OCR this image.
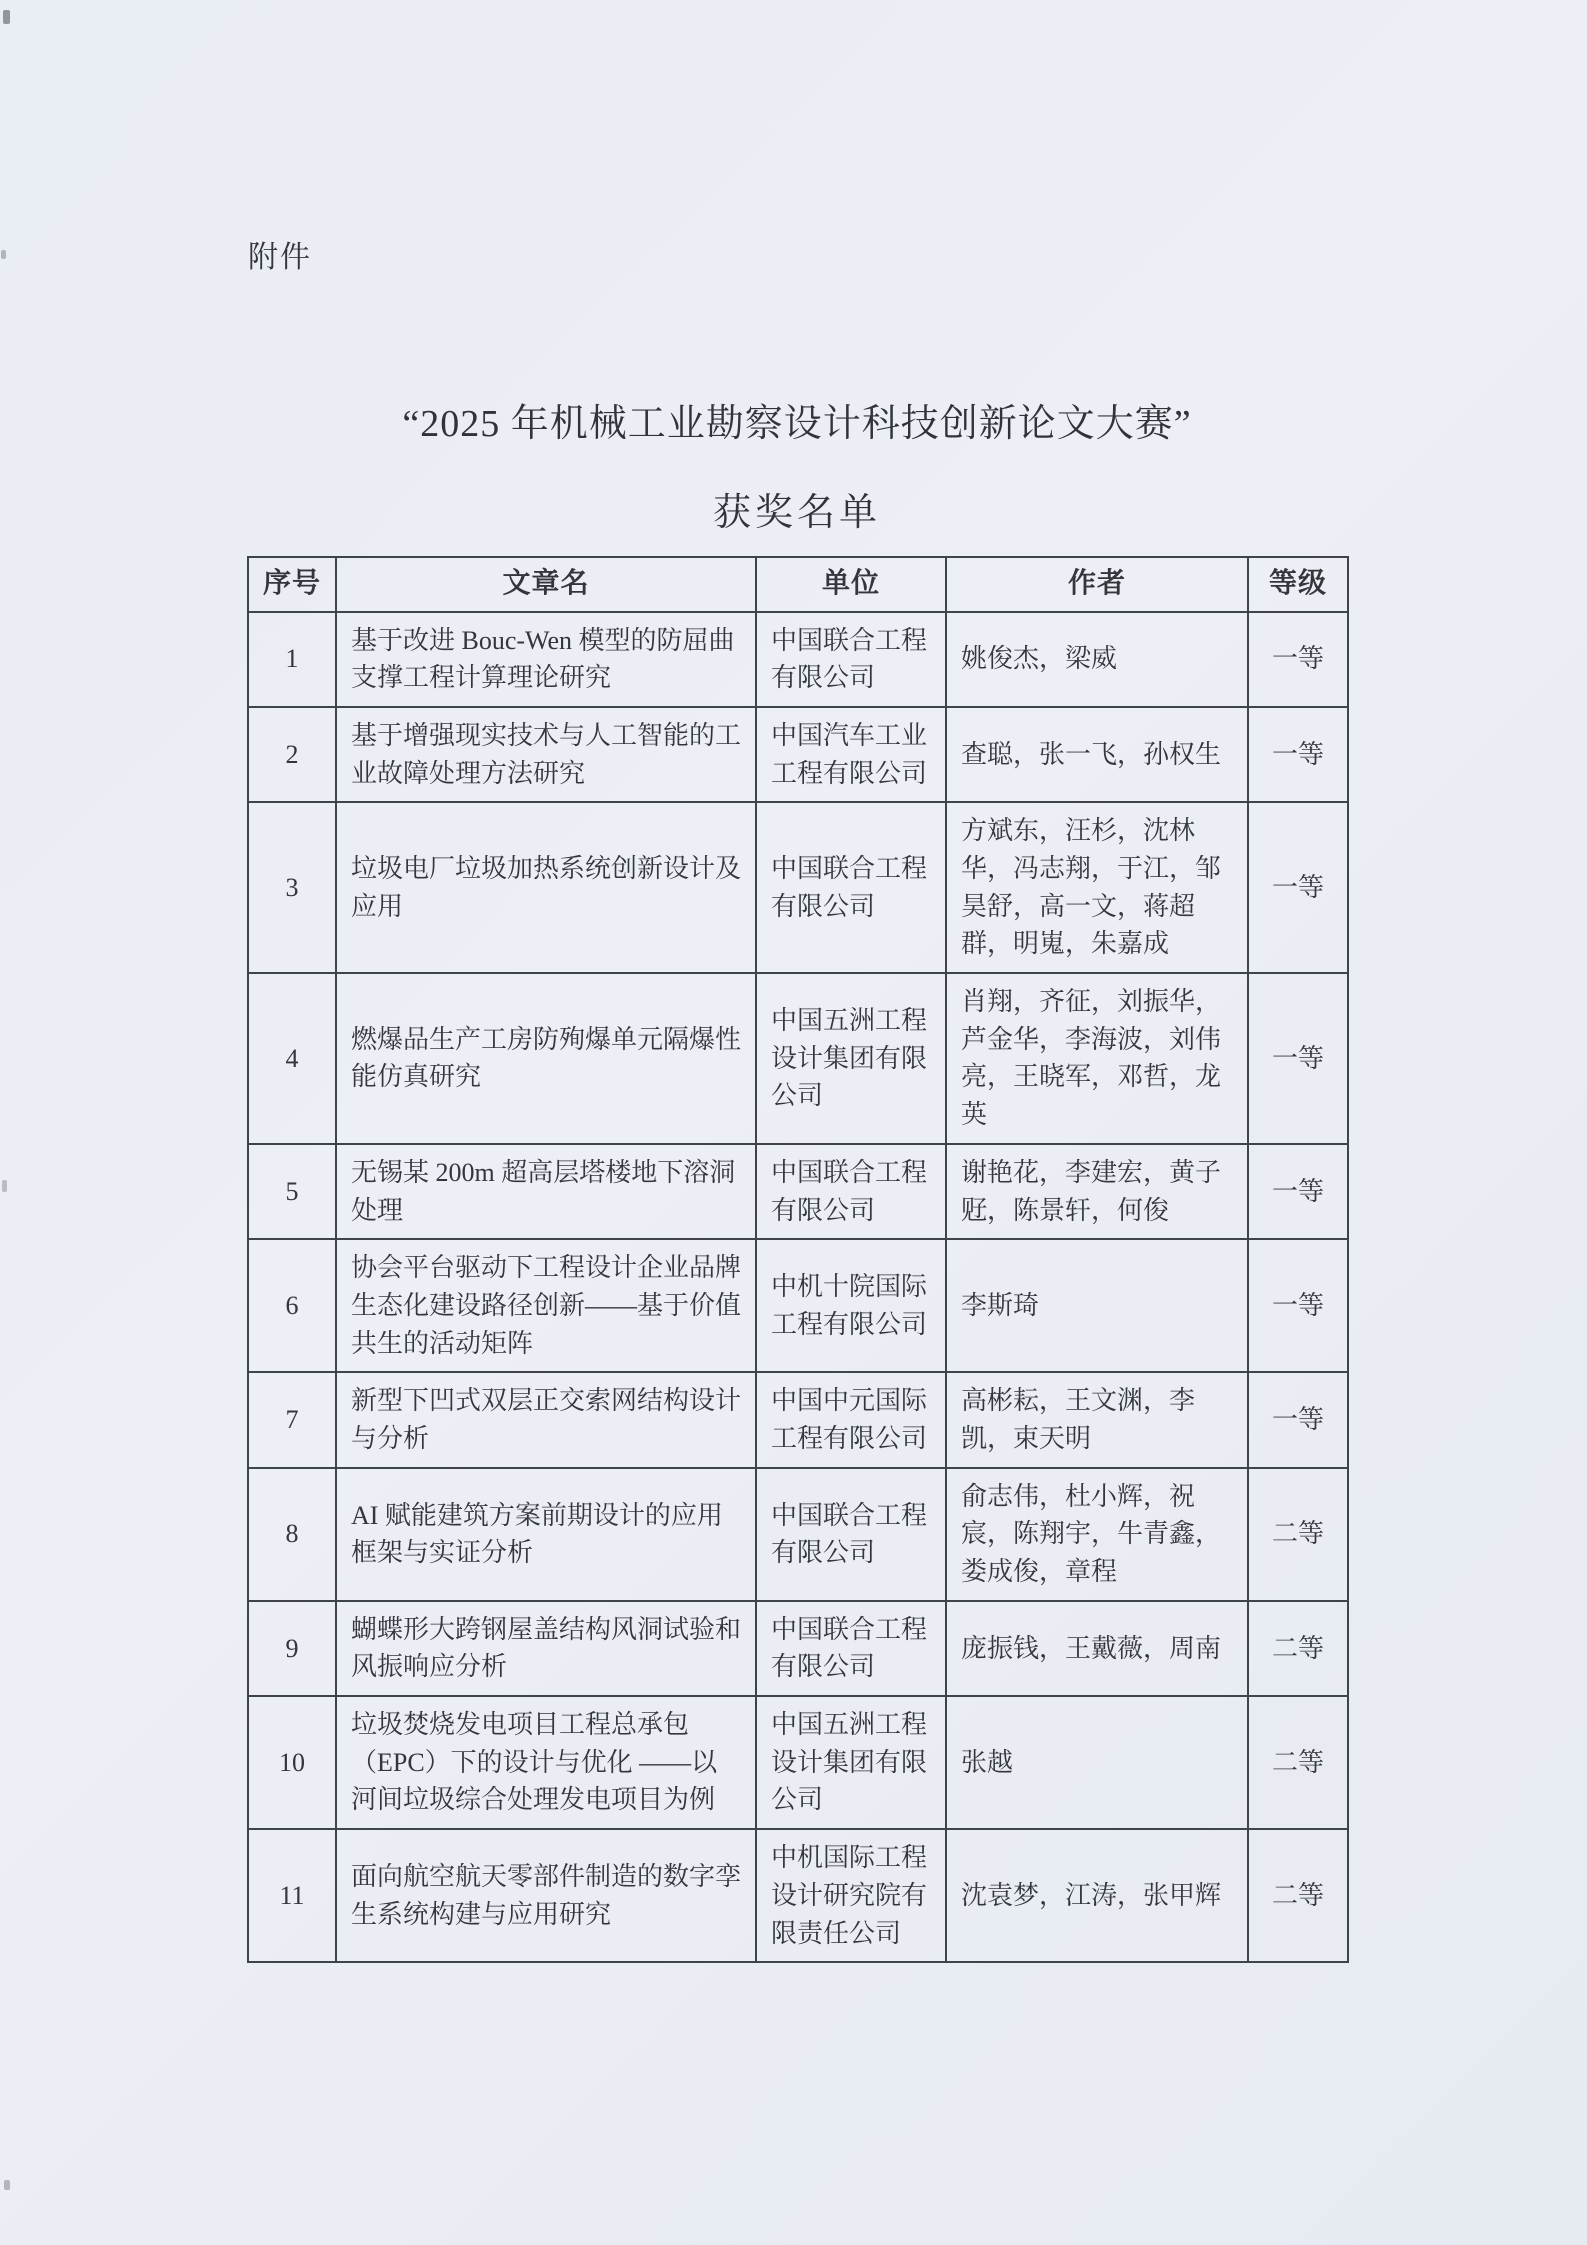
附件
“2025 年机械工业勘察设计科技创新论文大赛”
获奖名单
序号	文章名	单位	作者	等级
1	基于改进 Bouc-Wen 模型的防屈曲支撑工程计算理论研究	中国联合工程有限公司	姚俊杰，梁威	一等
2	基于增强现实技术与人工智能的工业故障处理方法研究	中国汽车工业工程有限公司	查聪，张一飞，孙权生	一等
3	垃圾电厂垃圾加热系统创新设计及应用	中国联合工程有限公司	方斌东，汪杉，沈林华，冯志翔，于江，邹昊舒，高一文，蒋超群，明嵬，朱嘉成	一等
4	燃爆品生产工房防殉爆单元隔爆性能仿真研究	中国五洲工程设计集团有限公司	肖翔，齐征，刘振华，芦金华，李海波，刘伟亮，王晓军，邓哲，龙英	一等
5	无锡某 200m 超高层塔楼地下溶洞处理	中国联合工程有限公司	谢艳花，李建宏，黄子觃，陈景轩，何俊	一等
6	协会平台驱动下工程设计企业品牌生态化建设路径创新——基于价值共生的活动矩阵	中机十院国际工程有限公司	李斯琦	一等
7	新型下凹式双层正交索网结构设计与分析	中国中元国际工程有限公司	高彬耘，王文渊，李凯，束天明	一等
8	AI 赋能建筑方案前期设计的应用框架与实证分析	中国联合工程有限公司	俞志伟，杜小辉，祝宸，陈翔宇，牛青鑫，娄成俊，章程	二等
9	蝴蝶形大跨钢屋盖结构风洞试验和风振响应分析	中国联合工程有限公司	庞振钱，王戴薇，周南	二等
10	垃圾焚烧发电项目工程总承包（EPC）下的设计与优化 ——以河间垃圾综合处理发电项目为例	中国五洲工程设计集团有限公司	张越	二等
11	面向航空航天零部件制造的数字孪生系统构建与应用研究	中机国际工程设计研究院有限责任公司	沈袁梦，江涛，张甲辉	二等
